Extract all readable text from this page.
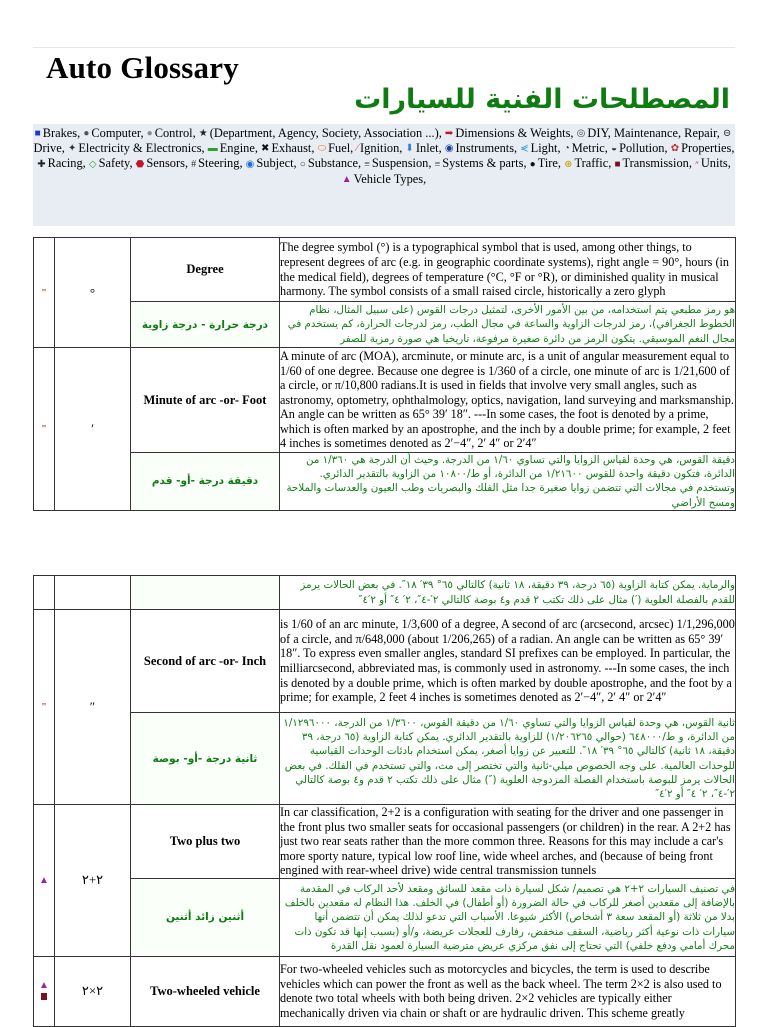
Auto Glossary
المصطلحات الفنية للسيارات
■ Brakes, ● Computer, ● Control, ★ (Department, Agency, Society, Association ...), ➡ Dimensions & Weights, ◎ DIY, Maintenance, Repair, ⊝Drive, ✦ Electricity & Electronics, ▬ Engine, ✖ Exhaust, ⬭ Fuel, ⁄ Ignition, ⬇ Inlet, ◉ Instruments, ⋞ Light, ◔ Metric, ◒ Pollution, ✿ Properties, ✚ Racing, ◇ Safety, ⬣ Sensors, # Steering, ◉ Subject, ○ Substance, ≡ Suspension, ≡ Systems & parts, ● Tire, ⊛ Traffic, ■ Transmission, ״ Units, ▲ Vehicle Types,
"	°	Degree	The degree symbol (°) is a typographical symbol that is used, among other things, to represent degrees of arc (e.g. in geographic coordinate systems), right angle = 90°, hours (in the medical field), degrees of temperature (°C, °F or °R), or diminished quality in musical harmony. The symbol consists of a small raised circle, historically a zero glyph
		درجة حرارة - درجة زاوية	هو رمز مطبعي يتم استخدامه، من بين الأمور الأخرى، لتمثيل درجات القوس (على سبيل المثال، نظام الخطوط الجغرافي)، رمز لدرجات الزاوية والساعة في مجال الطب، رمز لدرجات الحرارة، كم يستخدم في مجال النغم الموسيقي. يتكون الرمز من دائرة صغيرة مرفوعة، تاريخيا هي صورة رمزية للصفر
"	′	Minute of arc -or- Foot	A minute of arc (MOA), arcminute, or minute arc, is a unit of angular measurement equal to 1/60 of one degree. Because one degree is 1/360 of a circle, one minute of arc is 1/21,600 of a circle, or π/10,800 radians.It is used in fields that involve very small angles, such as astronomy, optometry, ophthalmology, optics, navigation, land surveying and marksmanship. An angle can be written as 65° 39′ 18″. ---In some cases, the foot is denoted by a prime, which is often marked by an apostrophe, and the inch by a double prime; for example, 2 feet 4 inches is sometimes denoted as 2′−4″, 2′ 4″ or 2′4″
		دقيقة درجة -أو- قدم	دقيقة القوس، هي وحدة لقياس الزوايا والتي تساوي ١/٦٠ من الدرجة. وحيث أن الدرجة هي ١/٣٦٠ من الدائرة، فتكون دقيقة واحدة للقوس ١/٢١٦٠٠ من الدائرة، أو ط/١٠٨٠٠ من الزاوية بالتقدير الدائري. وتستخدم في مجالات التي تتضمن زوايا صغيرة جدا مثل الفلك والبصريات وطب العيون والعدسات والملاحة ومسح الأراضي
			والرماية. يمكن كتابة الزاوية (٦٥ درجة، ٣٩ دقيقة، ١٨ ثانية) كالتالي ٦٥° ٣٩′ ١٨″. في بعض الحالات يرمز للقدم بالفصلة العلوية (′) مثال على ذلك تكتب ٢ قدم و٤ بوصة كالتالي ٢′-٤″، ٢′ ٤″ أو ٢′٤″
"	″	Second of arc -or- Inch	is 1/60 of an arc minute, 1/3,600 of a degree, A second of arc (arcsecond, arcsec) 1/1,296,000 of a circle, and π/648,000 (about 1/206,265) of a radian. An angle can be written as 65° 39′ 18″. To express even smaller angles, standard SI prefixes can be employed. In particular, the milliarcsecond, abbreviated mas, is commonly used in astronomy. ---In some cases, the inch is denoted by a double prime, which is often marked by double apostrophe, and the foot by a prime; for example, 2 feet 4 inches is sometimes denoted as 2′−4″, 2′ 4″ or 2′4″
		ثانية درجة -أو- بوصة	ثانية القوس، هي وحدة لقياس الزوايا والتي تساوي ١/٦٠ من دقيقة القوس، ١/٣٦٠٠ من الدرجة، ١/١٢٩٦٠٠٠ من الدائرة، و ط/٦٤٨٠٠٠ (حوالي ١/٢٠٦٢٦٥) للزاوية بالتقدير الدائري. يمكن كتابة الزاوية (٦٥ درجة، ٣٩ دقيقة، ١٨ ثانية) كالتالي ٦٥° ٣٩′ ١٨″. للتعبير عن زوايا أصغر، يمكن استخدام بادئات الوحدات القياسية للوحدات العالمية. على وجه الخصوص ميلي-ثانية والتي تختصر إلى مث، والتي تستخدم في الفلك. في بعض الحالات يرمز للبوصة باستخدام الفصلة المزدوجة العلوية (″) مثال على ذلك تكتب ٢ قدم و٤ بوصة كالتالي ٢′-٤″، ٢′ ٤″ أو ٢′٤″
▲	٢+٢	Two plus two	In car classification, 2+2 is a configuration with seating for the driver and one passenger in the front plus two smaller seats for occasional passengers (or children) in the rear. A 2+2 has just two rear seats rather than the more common three. Reasons for this may include a car's more sporty nature, typical low roof line, wide wheel arches, and (because of being front engined with rear-wheel drive) wide central transmission tunnels
		أثنين زائد أثنين	في تصنيف السيارات ٢+٢ هي تصميم/ شكل لسيارة ذات مقعد للسائق ومقعد لأحد الركاب في المقدمة بالإضافة إلى مقعدين أصغر للركاب في حالة الضرورة (أو أطفال) في الخلف. هذا النظام له مقعدين بالخلف بدلا من ثلاثة (أو المقعد سعة ٣ أشخاص) الأكثر شيوعا. الأسباب التي تدعو لذلك يمكن أن تتضمن أنها سيارات ذات نوعية أكثر رياضية، السقف منخفض، رفارف للعجلات عريضة، و/أو (بسبب إنها قد تكون ذات محرك أمامي ودفع خلفي) التي تحتاج إلى نفق مركزي عريض مترضية السيارة لعمود نقل القدرة
▲	٢×٢	Two-wheeled vehicle	For two-wheeled vehicles such as motorcycles and bicycles, the term is used to describe vehicles which can power the front as well as the back wheel. The term 2×2 is also used to denote two total wheels with both being driven. 2×2 vehicles are typically either mechanically driven via chain or shaft or are hydraulic driven. This scheme greatly
